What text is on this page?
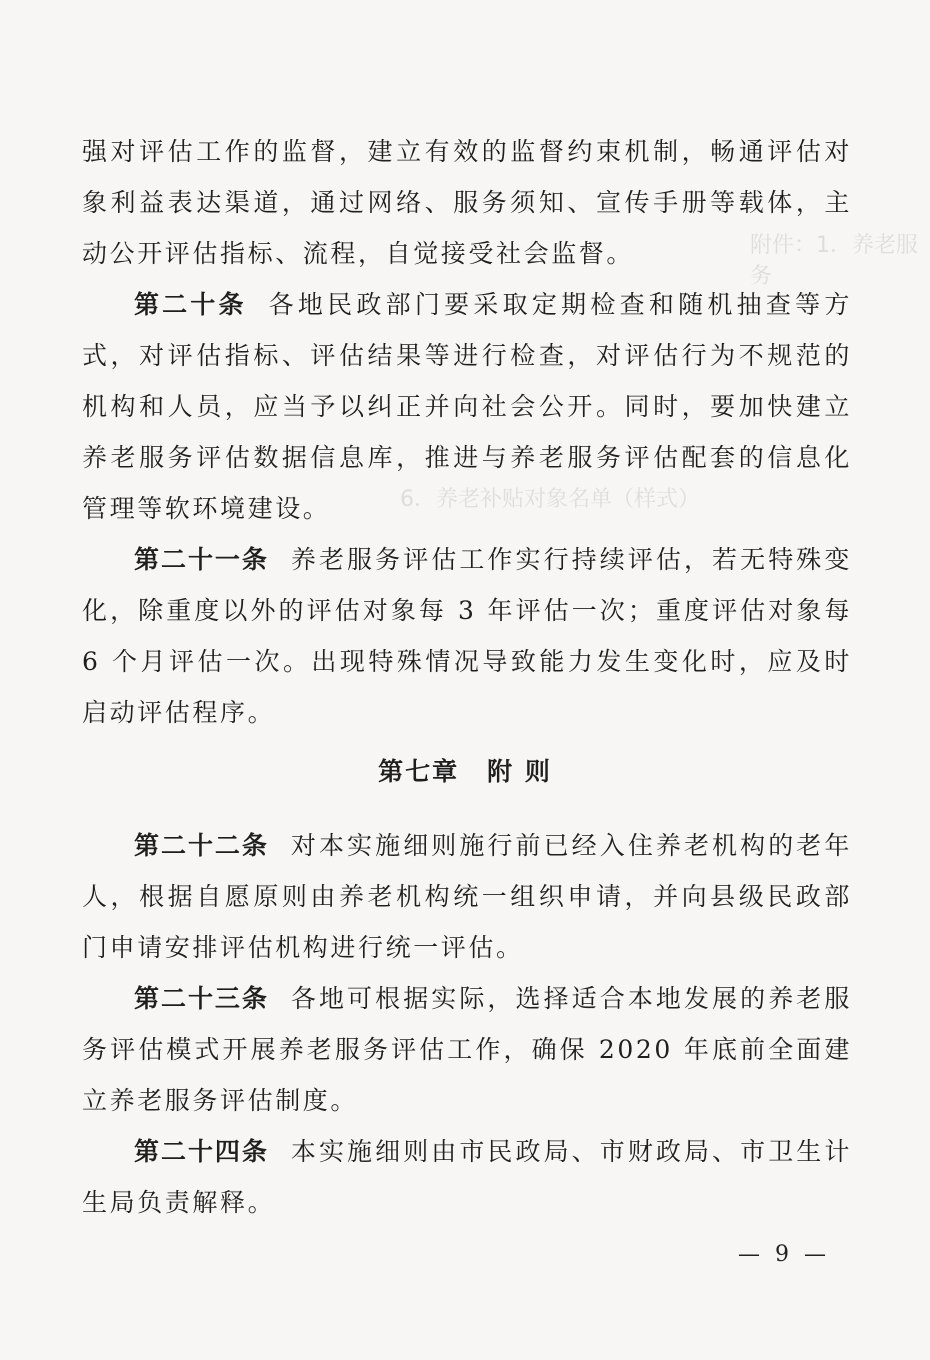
附件：1．养老服务
6．养老补贴对象名单（样式）

强对评估工作的监督，建立有效的监督约束机制，畅通评估对象利益表达渠道，通过网络、服务须知、宣传手册等载体，主动公开评估指标、流程，自觉接受社会监督。

第二十条 各地民政部门要采取定期检查和随机抽查等方式，对评估指标、评估结果等进行检查，对评估行为不规范的机构和人员，应当予以纠正并向社会公开。同时，要加快建立养老服务评估数据信息库，推进与养老服务评估配套的信息化管理等软环境建设。

第二十一条 养老服务评估工作实行持续评估，若无特殊变化，除重度以外的评估对象每 3 年评估一次；重度评估对象每 6 个月评估一次。出现特殊情况导致能力发生变化时，应及时启动评估程序。

第七章 附 则

第二十二条 对本实施细则施行前已经入住养老机构的老年人，根据自愿原则由养老机构统一组织申请，并向县级民政部门申请安排评估机构进行统一评估。

第二十三条 各地可根据实际，选择适合本地发展的养老服务评估模式开展养老服务评估工作，确保 2020 年底前全面建立养老服务评估制度。

第二十四条 本实施细则由市民政局、市财政局、市卫生计生局负责解释。

— 9 —
